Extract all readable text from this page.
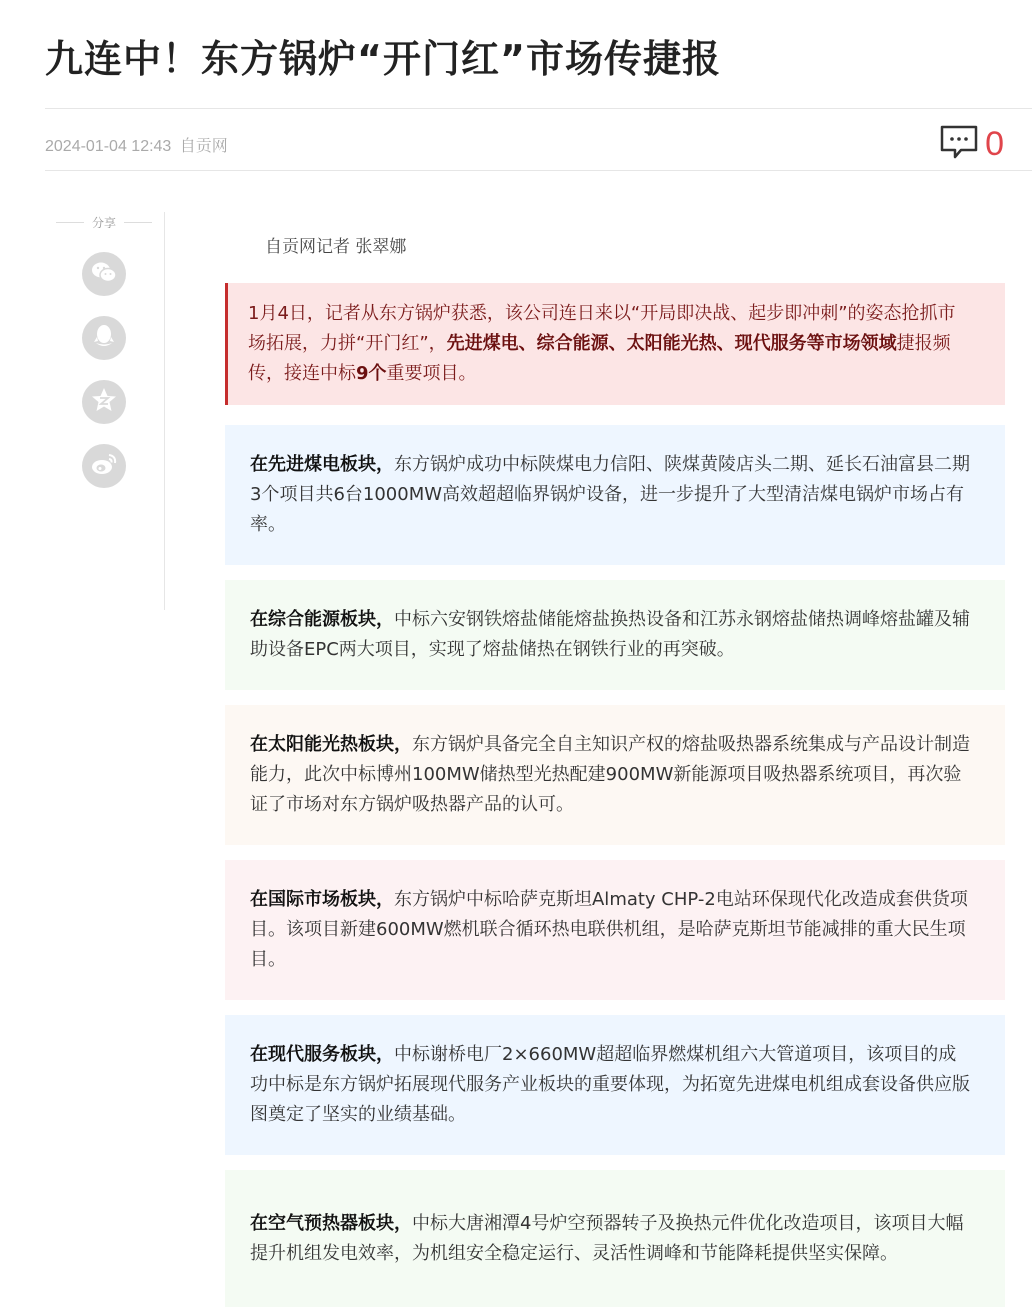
九连中！东方锅炉“开门红”市场传捷报
2024-01-04 12:43 自贡网	0
分享
自贡网记者 张翠娜

1月4日，记者从东方锅炉获悉，该公司连日来以“开局即决战、起步即冲刺”的姿态抢抓市场拓展，力拼“开门红”，先进煤电、综合能源、太阳能光热、现代服务等市场领域捷报频传，接连中标9个重要项目。

在先进煤电板块，东方锅炉成功中标陕煤电力信阳、陕煤黄陵店头二期、延长石油富县二期3个项目共6台1000MW高效超超临界锅炉设备，进一步提升了大型清洁煤电锅炉市场占有率。

在综合能源板块，中标六安钢铁熔盐储能熔盐换热设备和江苏永钢熔盐储热调峰熔盐罐及辅助设备EPC两大项目，实现了熔盐储热在钢铁行业的再突破。

在太阳能光热板块，东方锅炉具备完全自主知识产权的熔盐吸热器系统集成与产品设计制造能力，此次中标博州100MW储热型光热配建900MW新能源项目吸热器系统项目，再次验证了市场对东方锅炉吸热器产品的认可。

在国际市场板块，东方锅炉中标哈萨克斯坦Almaty CHP-2电站环保现代化改造成套供货项目。该项目新建600MW燃机联合循环热电联供机组，是哈萨克斯坦节能减排的重大民生项目。

在现代服务板块，中标谢桥电厂2×660MW超超临界燃煤机组六大管道项目，该项目的成功中标是东方锅炉拓展现代服务产业板块的重要体现，为拓宽先进煤电机组成套设备供应版图奠定了坚实的业绩基础。

在空气预热器板块，中标大唐湘潭4号炉空预器转子及换热元件优化改造项目，该项目大幅提升机组发电效率，为机组安全稳定运行、灵活性调峰和节能降耗提供坚实保障。
